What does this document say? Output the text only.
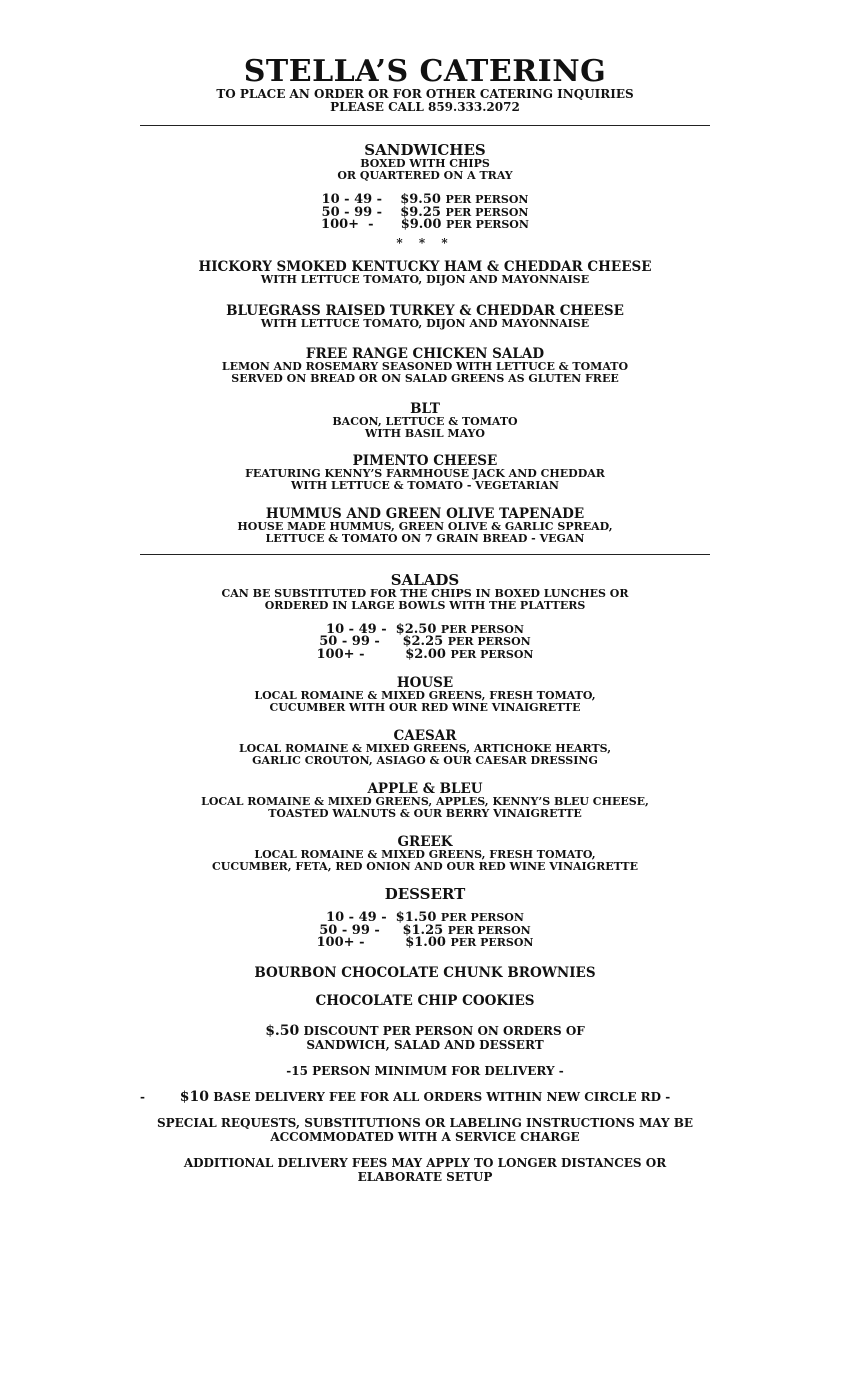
STELLA’S CATERING

TO PLACE AN ORDER OR FOR OTHER CATERING INQUIRIES

PLEASE CALL 859.333.2072

SANDWICHES

BOXED WITH CHIPS

OR QUARTERED ON A TRAY

10 - 49 - $9.50 PER PERSON
50 - 99 - $9.25 PER PERSON
100+  - $9.00 PER PERSON

* * *

HICKORY SMOKED KENTUCKY HAM & CHEDDAR CHEESE

WITH LETTUCE TOMATO, DIJON AND MAYONNAISE

BLUEGRASS RAISED TURKEY & CHEDDAR CHEESE

WITH LETTUCE TOMATO, DIJON AND MAYONNAISE

FREE RANGE CHICKEN SALAD

LEMON AND ROSEMARY SEASONED WITH LETTUCE & TOMATO

SERVED ON BREAD OR ON SALAD GREENS AS GLUTEN FREE

BLT

BACON, LETTUCE & TOMATO

WITH BASIL MAYO

PIMENTO CHEESE

FEATURING KENNY’S FARMHOUSE JACK AND CHEDDAR

WITH LETTUCE & TOMATO - VEGETARIAN

HUMMUS AND GREEN OLIVE TAPENADE

HOUSE MADE HUMMUS, GREEN OLIVE & GARLIC SPREAD,

LETTUCE & TOMATO ON 7 GRAIN BREAD - VEGAN

SALADS

CAN BE SUBSTITUTED FOR THE CHIPS IN BOXED LUNCHES OR

ORDERED IN LARGE BOWLS WITH THE PLATTERS

10 - 49 - $2.50 PER PERSON
50 - 99 - $2.25 PER PERSON
100+ -	$2.00 PER PERSON

HOUSE

LOCAL ROMAINE & MIXED GREENS, FRESH TOMATO,

CUCUMBER WITH OUR RED WINE VINAIGRETTE

CAESAR

LOCAL ROMAINE & MIXED GREENS, ARTICHOKE HEARTS,

GARLIC CROUTON, ASIAGO & OUR CAESAR DRESSING

APPLE & BLEU

LOCAL ROMAINE & MIXED GREENS, APPLES, KENNY’S BLEU CHEESE,

TOASTED WALNUTS & OUR BERRY VINAIGRETTE

GREEK

LOCAL ROMAINE & MIXED GREENS, FRESH TOMATO,

CUCUMBER, FETA, RED ONION AND OUR RED WINE VINAIGRETTE

DESSERT

10 - 49 - $1.50 PER PERSON
50 - 99 - $1.25 PER PERSON
100+ -	$1.00 PER PERSON

BOURBON CHOCOLATE CHUNK BROWNIES

CHOCOLATE CHIP COOKIES

$.50 DISCOUNT PER PERSON ON ORDERS OF

SANDWICH, SALAD AND DESSERT

-15 PERSON MINIMUM FOR DELIVERY -

- $10 BASE DELIVERY FEE FOR ALL ORDERS WITHIN NEW CIRCLE RD -

SPECIAL REQUESTS, SUBSTITUTIONS OR LABELING INSTRUCTIONS MAY BE

ACCOMMODATED WITH A SERVICE CHARGE

ADDITIONAL DELIVERY FEES MAY APPLY TO LONGER DISTANCES OR

ELABORATE SETUP
